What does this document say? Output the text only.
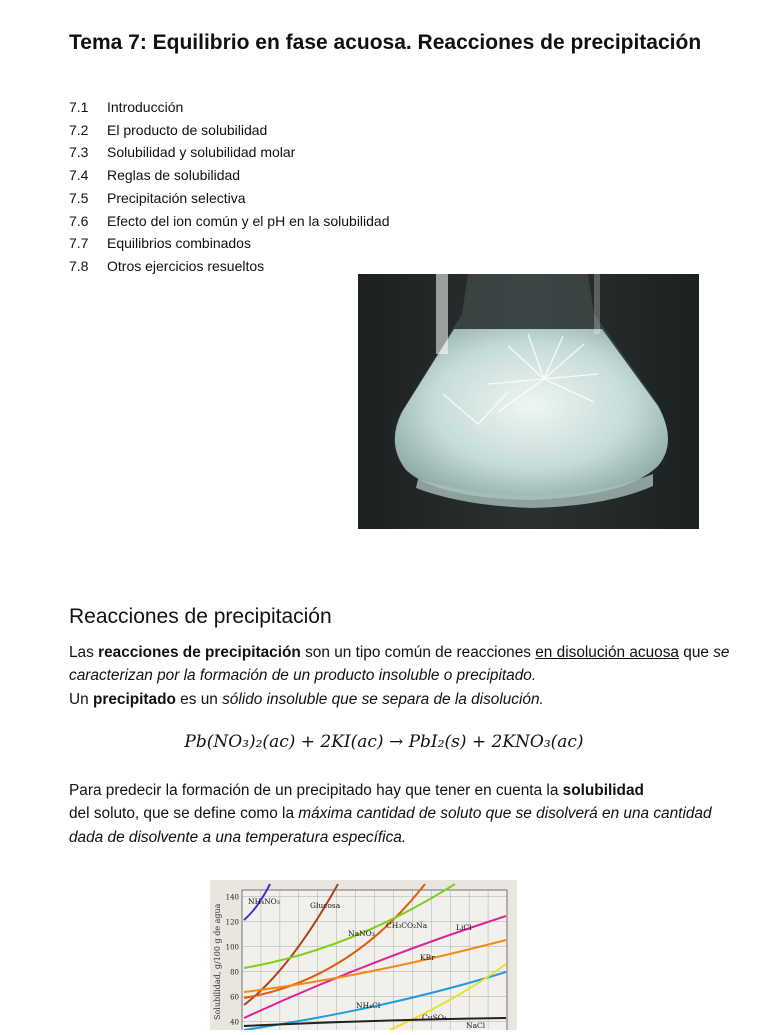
Tema 7: Equilibrio en fase acuosa. Reacciones de precipitación
7.1	Introducción
7.2	El producto de solubilidad
7.3	Solubilidad y solubilidad molar
7.4	Reglas de solubilidad
7.5	Precipitación selectiva
7.6	Efecto del ion común y el pH en la solubilidad
7.7	Equilibrios combinados
7.8	Otros ejercicios resueltos
Reacciones de precipitación

Las reacciones de precipitación son un tipo común de reacciones en disolución acuosa que se caracterizan por la formación de un producto insoluble o precipitado.
Un precipitado es un sólido insoluble que se separa de la disolución.

Pb(NO₃)₂(ac) + 2KI(ac) → PbI₂(s) + 2KNO₃(ac)

Para predecir la formación de un precipitado hay que tener en cuenta la solubilidad
del soluto, que se define como la máxima cantidad de soluto que se disolverá en una cantidad dada de disolvente a una temperatura específica.

Solubilidad, g/100 g de agua
140
120
100
80
60
40
NH₄NO₃	Glucosa
NaNO₃
CH₃CO₂Na	LiCl
KBr
NH₄Cl
CuSO₄
NaCl
